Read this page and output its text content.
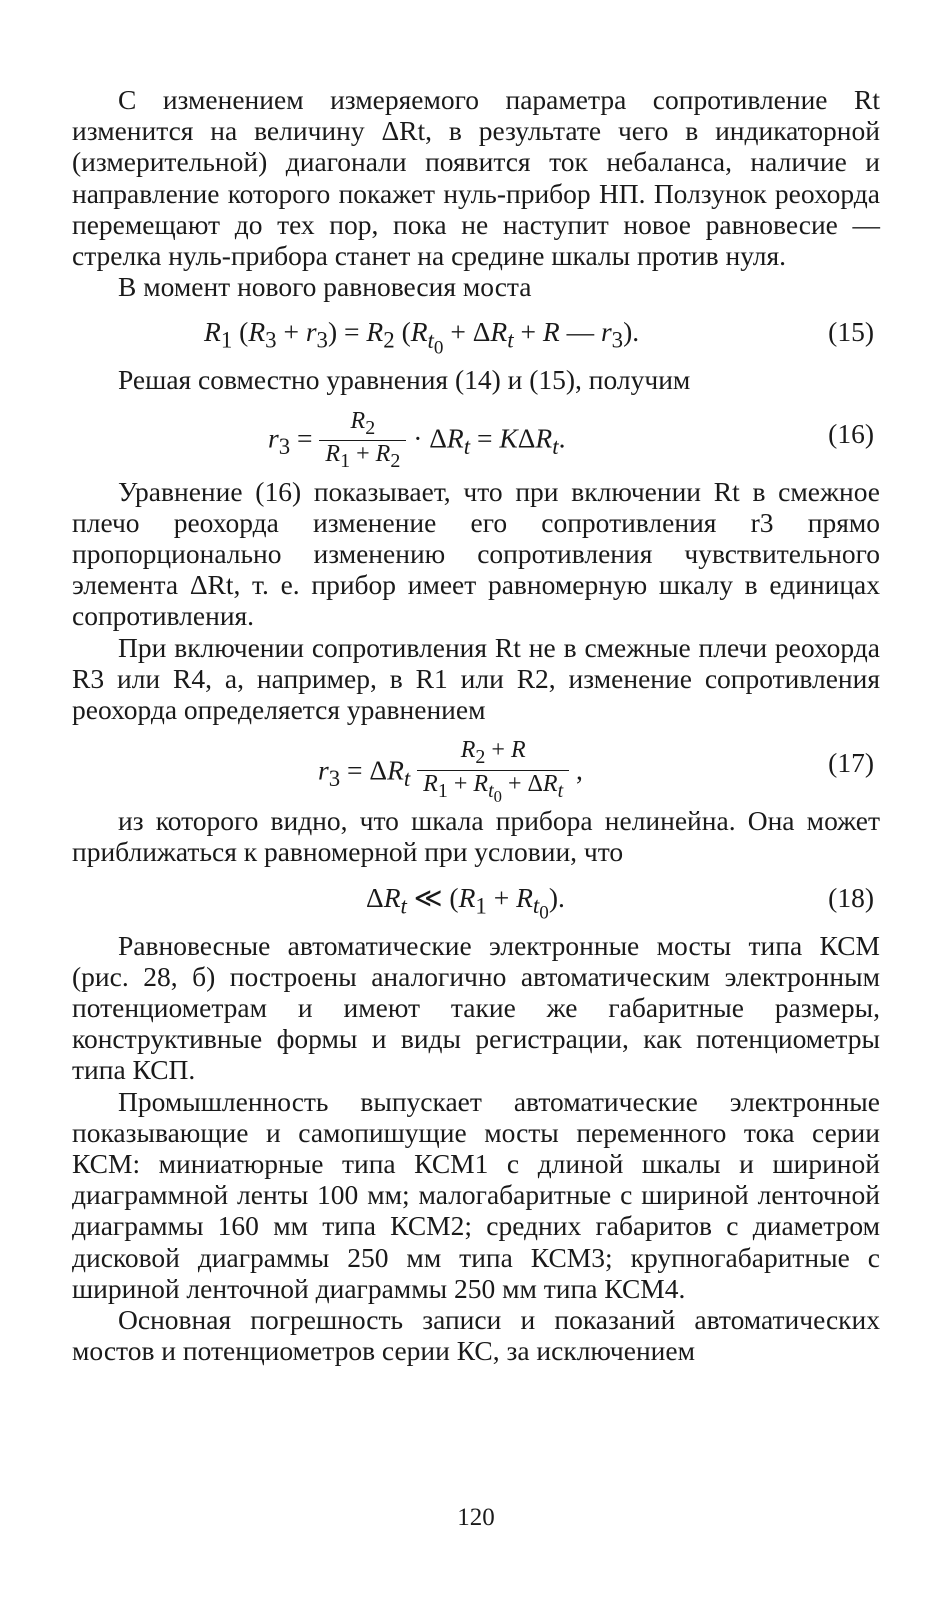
С изменением измеряемого параметра сопротивление Rt изменится на величину ΔRt, в результате чего в индикаторной (измерительной) диагонали появится ток небаланса, наличие и направление которого покажет нуль-прибор НП. Ползунок реохорда перемещают до тех пор, пока не наступит новое равновесие — стрелка нуль-прибора станет на средине шкалы против нуля.

В момент нового равновесия моста

$R_1$ $(R_3 + r_3) = R_2$ ($R_{t_0} + \Delta R_t + R$ — $r_3$).	(15)

Решая совместно уравнения (14) и (15), получим

$r_3 = \frac{R_2}{R_1 + R_2} \cdot \Delta R_t = K\Delta R_t$.	(16)

Уравнение (16) показывает, что при включении Rt в смежное плечо реохорда изменение его сопротивления r3 прямо пропорционально изменению сопротивления чувствительного элемента ΔRt, т. е. прибор имеет равномерную шкалу в единицах сопротивления.

При включении сопротивления Rt не в смежные плечи реохорда R3 или R4, а, например, в R1 или R2, изменение сопротивления реохорда определяется уравнением

$r_3 = \Delta R_t \frac{R_2 + R}{R_1 + R_{t_0} + \Delta R_t}$ ,	(17)

из которого видно, что шкала прибора нелинейна. Она может приближаться к равномерной при условии, что

$\Delta R_t$ ≪ $(R_1 + R_{t_0})$.	(18)

Равновесные автоматические электронные мосты типа КСМ (рис. 28, б) построены аналогично автоматическим электронным потенциометрам и имеют такие же габаритные размеры, конструктивные формы и виды регистрации, как потенциометры типа КСП.

Промышленность выпускает автоматические электронные показывающие и самопишущие мосты переменного тока серии КСМ: миниатюрные типа КСМ1 с длиной шкалы и шириной диаграммной ленты 100 мм; малогабаритные с шириной ленточной диаграммы 160 мм типа КСМ2; средних габаритов с диаметром дисковой диаграммы 250 мм типа КСМ3; крупногабаритные с шириной ленточной диаграммы 250 мм типа КСМ4.

Основная погрешность записи и показаний автоматических мостов и потенциометров серии КС, за исключением

120
